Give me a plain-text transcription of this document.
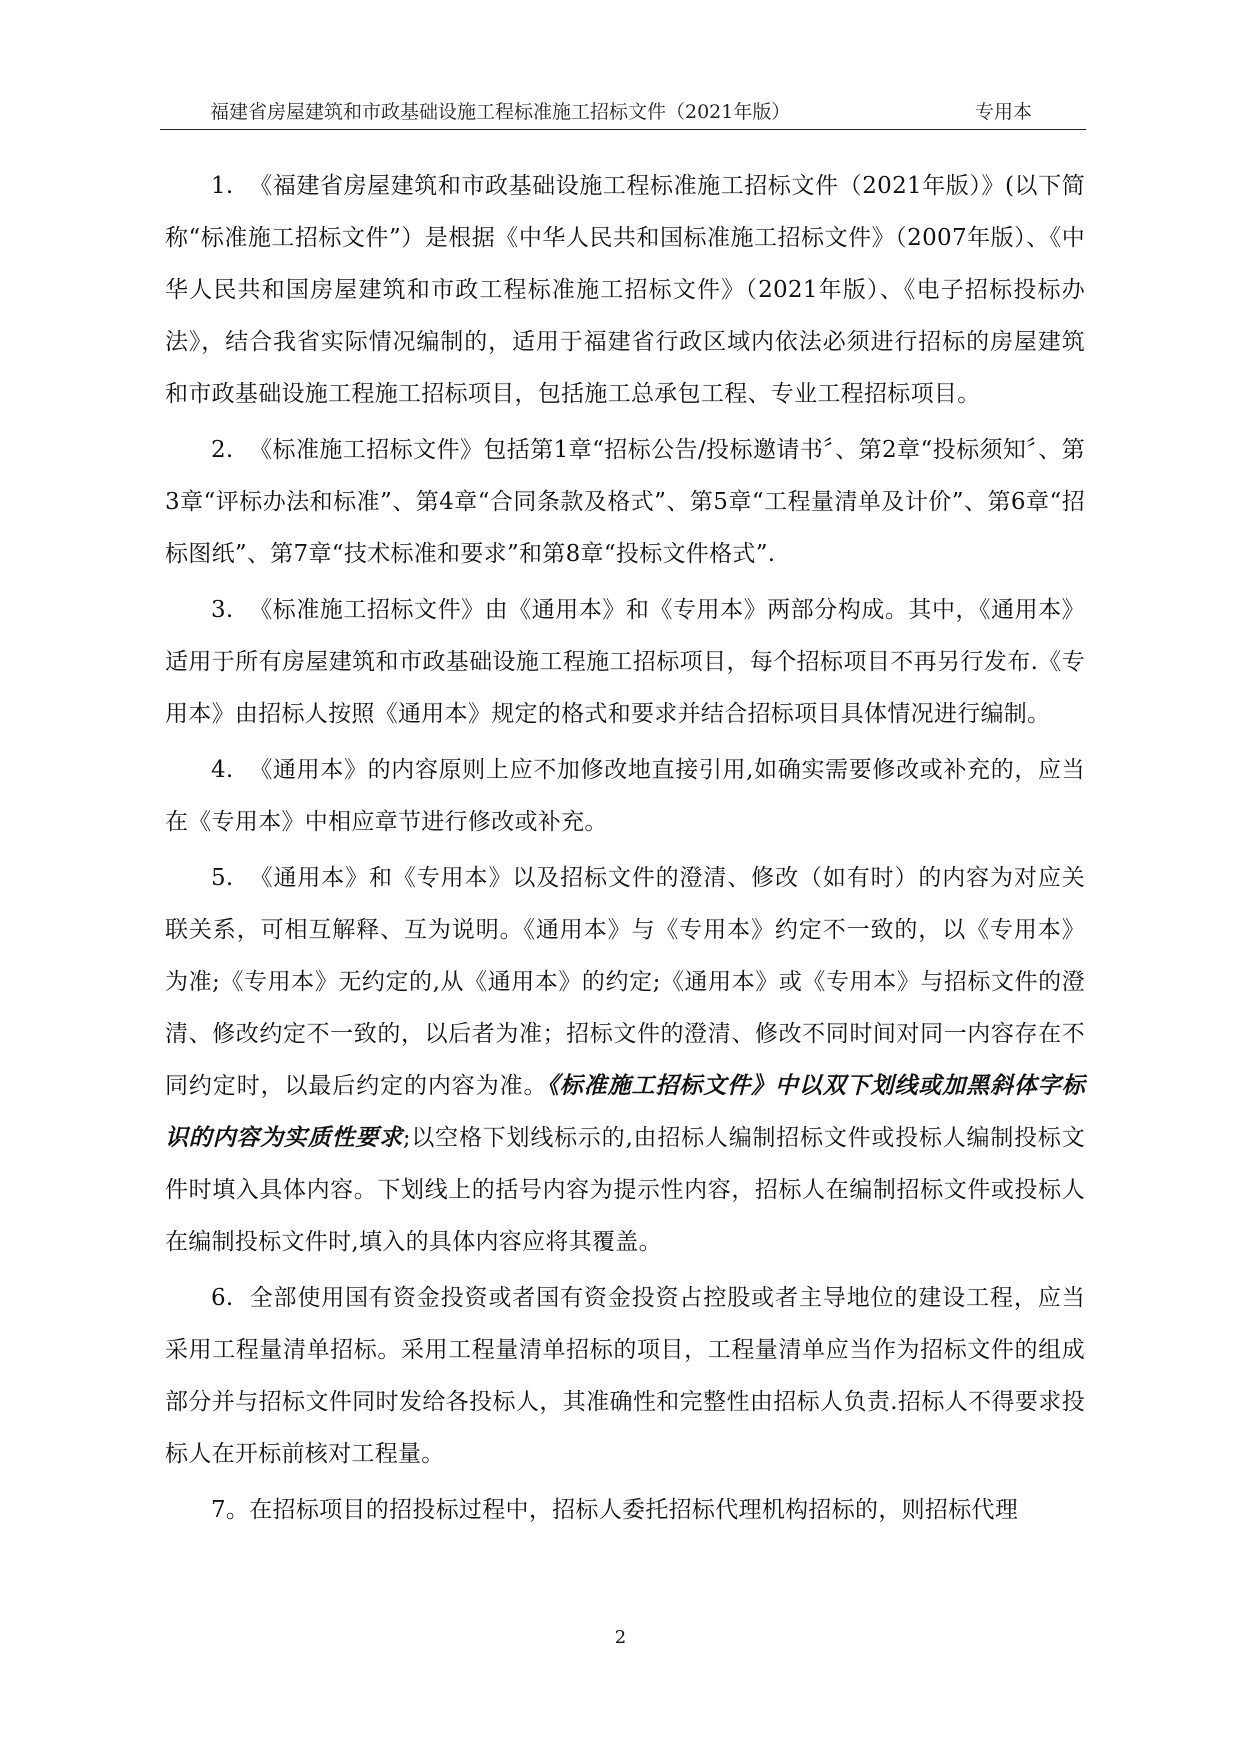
福建省房屋建筑和市政基础设施工程标准施工招标文件（2021年版）	专用本

1. 《福建省房屋建筑和市政基础设施工程标准施工招标文件（2021年版）》(以下简称“标准施工招标文件”）是根据《中华人民共和国标准施工招标文件》（2007年版）、《中华人民共和国房屋建筑和市政工程标准施工招标文件》（2021年版）、《电子招标投标办法》，结合我省实际情况编制的，适用于福建省行政区域内依法必须进行招标的房屋建筑和市政基础设施工程施工招标项目，包括施工总承包工程、专业工程招标项目。

2. 《标准施工招标文件》包括第1章“招标公告/投标邀请书〞、第2章“投标须知〞、第3章“评标办法和标准”、第4章“合同条款及格式”、第5章“工程量清单及计价”、第6章“招标图纸”、第7章“技术标准和要求”和第8章“投标文件格式”.

3. 《标准施工招标文件》由《通用本》和《专用本》两部分构成。其中，《通用本》适用于所有房屋建筑和市政基础设施工程施工招标项目，每个招标项目不再另行发布.《专用本》由招标人按照《通用本》规定的格式和要求并结合招标项目具体情况进行编制。

4. 《通用本》的内容原则上应不加修改地直接引用,如确实需要修改或补充的，应当在《专用本》中相应章节进行修改或补充。

5. 《通用本》和《专用本》以及招标文件的澄清、修改（如有时）的内容为对应关联关系，可相互解释、互为说明。《通用本》与《专用本》约定不一致的，以《专用本》为准;《专用本》无约定的,从《通用本》的约定;《通用本》或《专用本》与招标文件的澄清、修改约定不一致的，以后者为准；招标文件的澄清、修改不同时间对同一内容存在不同约定时，以最后约定的内容为准。《标准施工招标文件》中以双下划线或加黑斜体字标识的内容为实质性要求;以空格下划线标示的,由招标人编制招标文件或投标人编制投标文件时填入具体内容。下划线上的括号内容为提示性内容，招标人在编制招标文件或投标人在编制投标文件时,填入的具体内容应将其覆盖。

6. 全部使用国有资金投资或者国有资金投资占控股或者主导地位的建设工程，应当采用工程量清单招标。采用工程量清单招标的项目，工程量清单应当作为招标文件的组成部分并与招标文件同时发给各投标人，其准确性和完整性由招标人负责.招标人不得要求投标人在开标前核对工程量。

7。在招标项目的招投标过程中，招标人委托招标代理机构招标的，则招标代理

2
